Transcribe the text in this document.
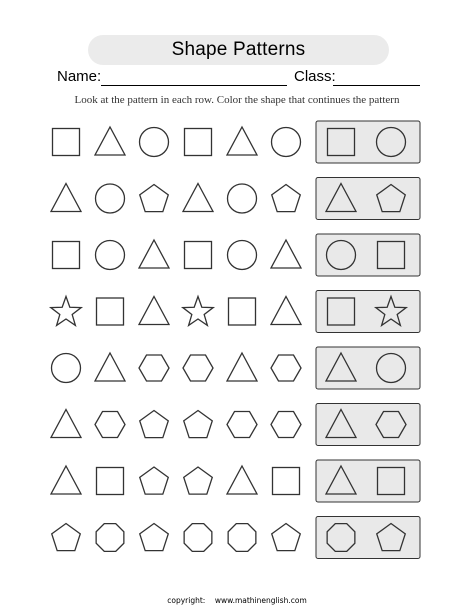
Shape Patterns
Name:	Class:
Look at the pattern in each row. Color the shape that continues the pattern
copyright: www.mathinenglish.com
